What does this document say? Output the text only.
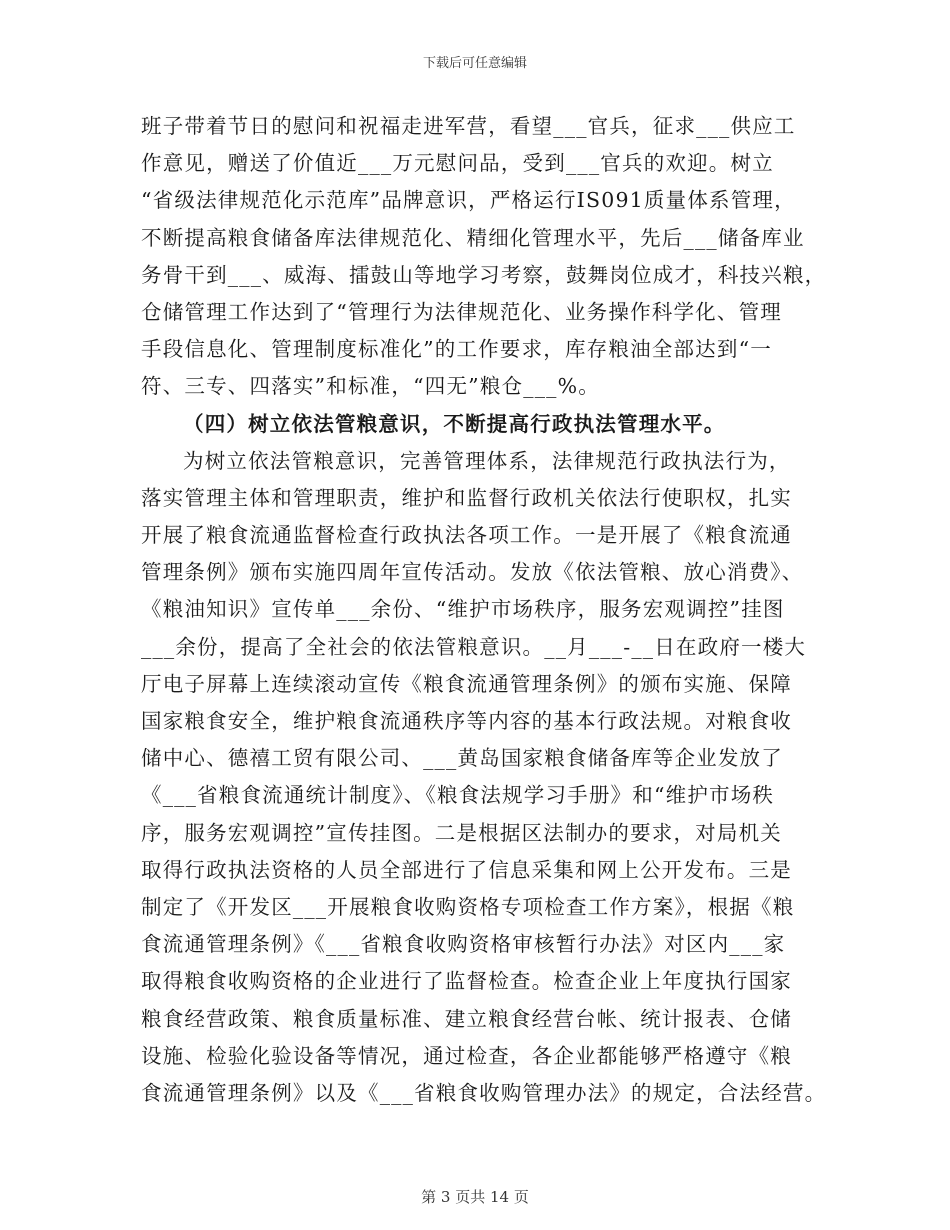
下载后可任意编辑
班子带着节日的慰问和祝福走进军营，看望___官兵，征求___供应工
作意见，赠送了价值近___万元慰问品，受到___官兵的欢迎。树立
“省级法律规范化示范库”品牌意识，严格运行IS091质量体系管理，
不断提高粮食储备库法律规范化、精细化管理水平，先后___储备库业
务骨干到___、威海、擂鼓山等地学习考察，鼓舞岗位成才，科技兴粮，
仓储管理工作达到了“管理行为法律规范化、业务操作科学化、管理
手段信息化、管理制度标准化”的工作要求，库存粮油全部达到“一
符、三专、四落实”和标准，“四无”粮仓___%。
（四）树立依法管粮意识，不断提高行政执法管理水平。
为树立依法管粮意识，完善管理体系，法律规范行政执法行为，
落实管理主体和管理职责，维护和监督行政机关依法行使职权，扎实
开展了粮食流通监督检查行政执法各项工作。一是开展了《粮食流通
管理条例》颁布实施四周年宣传活动。发放《依法管粮、放心消费》、
《粮油知识》宣传单___余份、“维护市场秩序，服务宏观调控”挂图
___余份，提高了全社会的依法管粮意识。__月___-__日在政府一楼大
厅电子屏幕上连续滚动宣传《粮食流通管理条例》的颁布实施、保障
国家粮食安全，维护粮食流通秩序等内容的基本行政法规。对粮食收
储中心、德禧工贸有限公司、___黄岛国家粮食储备库等企业发放了
《___省粮食流通统计制度》、《粮食法规学习手册》和“维护市场秩
序，服务宏观调控”宣传挂图。二是根据区法制办的要求，对局机关
取得行政执法资格的人员全部进行了信息采集和网上公开发布。三是
制定了《开发区___开展粮食收购资格专项检查工作方案》，根据《粮
食流通管理条例》《___省粮食收购资格审核暂行办法》对区内___家
取得粮食收购资格的企业进行了监督检查。检查企业上年度执行国家
粮食经营政策、粮食质量标准、建立粮食经营台帐、统计报表、仓储
设施、检验化验设备等情况，通过检查，各企业都能够严格遵守《粮
食流通管理条例》以及《___省粮食收购管理办法》的规定，合法经营。
第 3 页共 14 页
